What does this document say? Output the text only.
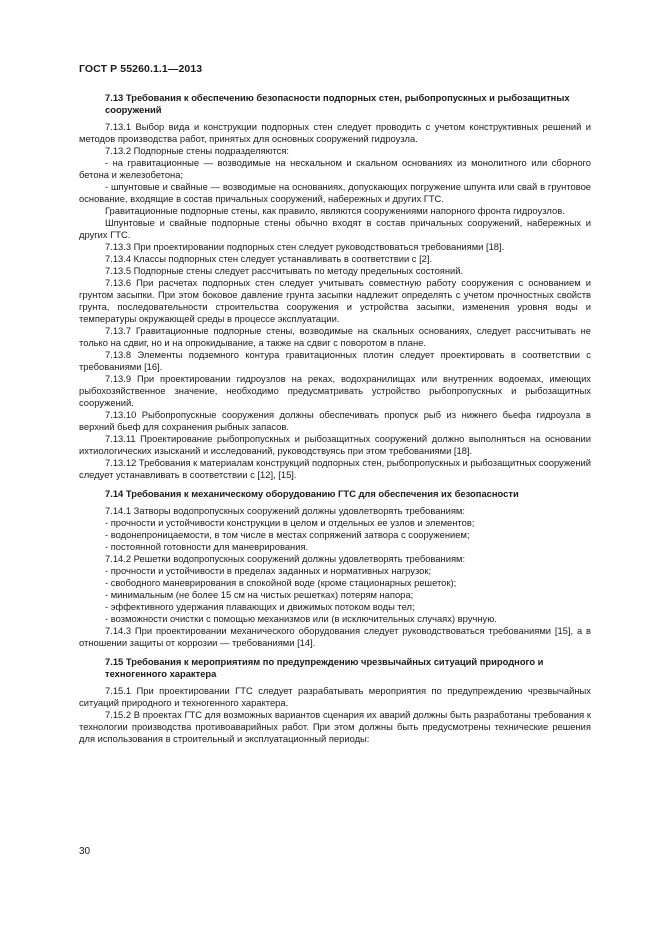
ГОСТ Р 55260.1.1—2013
7.13 Требования к обеспечению безопасности подпорных стен, рыбопропускных и рыбозащитных сооружений

7.13.1 Выбор вида и конструкции подпорных стен следует проводить с учетом конструктивных решений и методов производства работ, принятых для основных сооружений гидроузла.

7.13.2 Подпорные стены подразделяются:

- на гравитационные — возводимые на нескальном и скальном основаниях из монолитного или сборного бетона и железобетона;

- шпунтовые и свайные — возводимые на основаниях, допускающих погружение шпунта или свай в грунтовое основание, входящие в состав причальных сооружений, набережных и других ГТС.

Гравитационные подпорные стены, как правило, являются сооружениями напорного фронта гидроузлов.

Шпунтовые и свайные подпорные стены обычно входят в состав причальных сооружений, набережных и других ГТС.

7.13.3 При проектировании подпорных стен следует руководствоваться требованиями [18].

7.13.4 Классы подпорных стен следует устанавливать в соответствии с [2].

7.13.5 Подпорные стены следует рассчитывать по методу предельных состояний.

7.13.6 При расчетах подпорных стен следует учитывать совместную работу сооружения с основанием и грунтом засыпки. При этом боковое давление грунта засыпки надлежит определять с учетом прочностных свойств грунта, последовательности строительства сооружения и устройства засыпки, изменения уровня воды и температуры окружающей среды в процессе эксплуатации.

7.13.7 Гравитационные подпорные стены, возводимые на скальных основаниях, следует рассчитывать не только на сдвиг, но и на опрокидывание, а также на сдвиг с поворотом в плане.

7.13.8 Элементы подземного контура гравитационных плотин следует проектировать в соответствии с требованиями [16].

7.13.9 При проектировании гидроузлов на реках, водохранилищах или внутренних водоемах, имеющих рыбохозяйственное значение, необходимо предусматривать устройство рыбопропускных и рыбозащитных сооружений.

7.13.10 Рыбопропускные сооружения должны обеспечивать пропуск рыб из нижнего бьефа гидроузла в верхний бьеф для сохранения рыбных запасов.

7.13.11 Проектирование рыбопропускных и рыбозащитных сооружений должно выполняться на основании ихтиологических изысканий и исследований, руководствуясь при этом требованиями [18].

7.13.12 Требования к материалам конструкций подпорных стен, рыбопропускных и рыбозащитных сооружений следует устанавливать в соответствии с [12], [15].

7.14 Требования к механическому оборудованию ГТС для обеспечения их безопасности

7.14.1 Затворы водопропускных сооружений должны удовлетворять требованиям:

- прочности и устойчивости конструкции в целом и отдельных ее узлов и элементов;

- водонепроницаемости, в том числе в местах сопряжений затвора с сооружением;

- постоянной готовности для маневрирования.

7.14.2 Решетки водопропускных сооружений должны удовлетворять требованиям:

- прочности и устойчивости в пределах заданных и нормативных нагрузок;

- свободного маневрирования в спокойной воде (кроме стационарных решеток);

- минимальным (не более 15 см на чистых решетках) потерям напора;

- эффективного удержания плавающих и движимых потоком воды тел;

- возможности очистки с помощью механизмов или (в исключительных случаях) вручную.

7.14.3 При проектировании механического оборудования следует руководствоваться требованиями [15], а в отношении защиты от коррозии — требованиями [14].

7.15 Требования к мероприятиям по предупреждению чрезвычайных ситуаций природного и техногенного характера

7.15.1 При проектировании ГТС следует разрабатывать мероприятия по предупреждению чрезвычайных ситуаций природного и техногенного характера.

7.15.2 В проектах ГТС для возможных вариантов сценария их аварий должны быть разработаны требования к технологии производства противоаварийных работ. При этом должны быть предусмотрены технические решения для использования в строительный и эксплуатационный периоды:

30
